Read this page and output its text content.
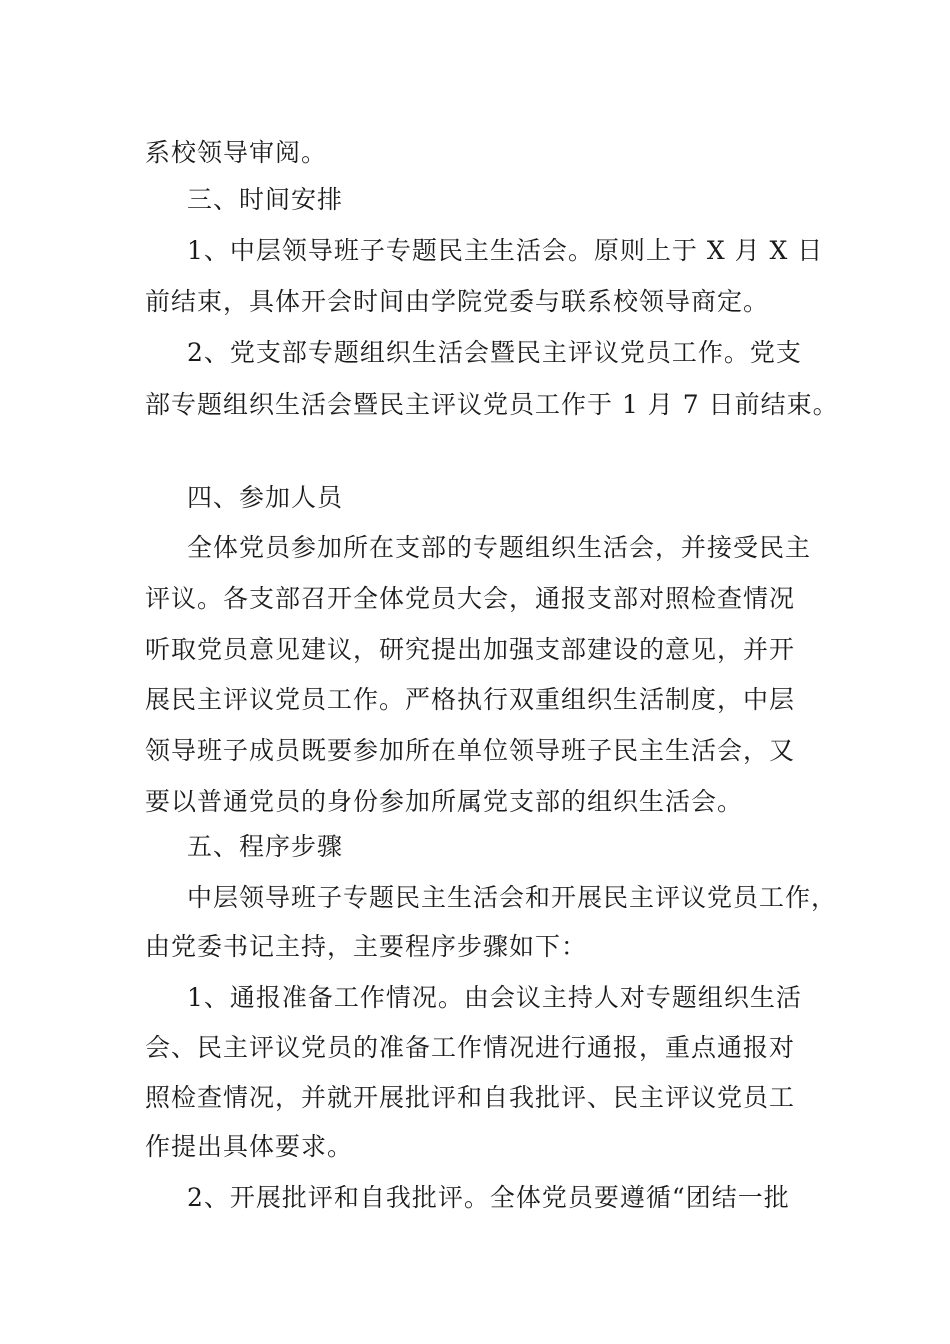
系校领导审阅。
三、时间安排
1、中层领导班子专题民主生活会。原则上于 X 月 X 日
前结束，具体开会时间由学院党委与联系校领导商定。
2、党支部专题组织生活会暨民主评议党员工作。党支
部专题组织生活会暨民主评议党员工作于 1 月 7 日前结束。
四、参加人员
全体党员参加所在支部的专题组织生活会，并接受民主
评议。各支部召开全体党员大会，通报支部对照检查情况
听取党员意见建议，研究提出加强支部建设的意见，并开
展民主评议党员工作。严格执行双重组织生活制度，中层
领导班子成员既要参加所在单位领导班子民主生活会，又
要以普通党员的身份参加所属党支部的组织生活会。
五、程序步骤
中层领导班子专题民主生活会和开展民主评议党员工作，
由党委书记主持，主要程序步骤如下：
1、通报准备工作情况。由会议主持人对专题组织生活
会、民主评议党员的准备工作情况进行通报，重点通报对
照检查情况，并就开展批评和自我批评、民主评议党员工
作提出具体要求。
2、开展批评和自我批评。全体党员要遵循“团结一批
